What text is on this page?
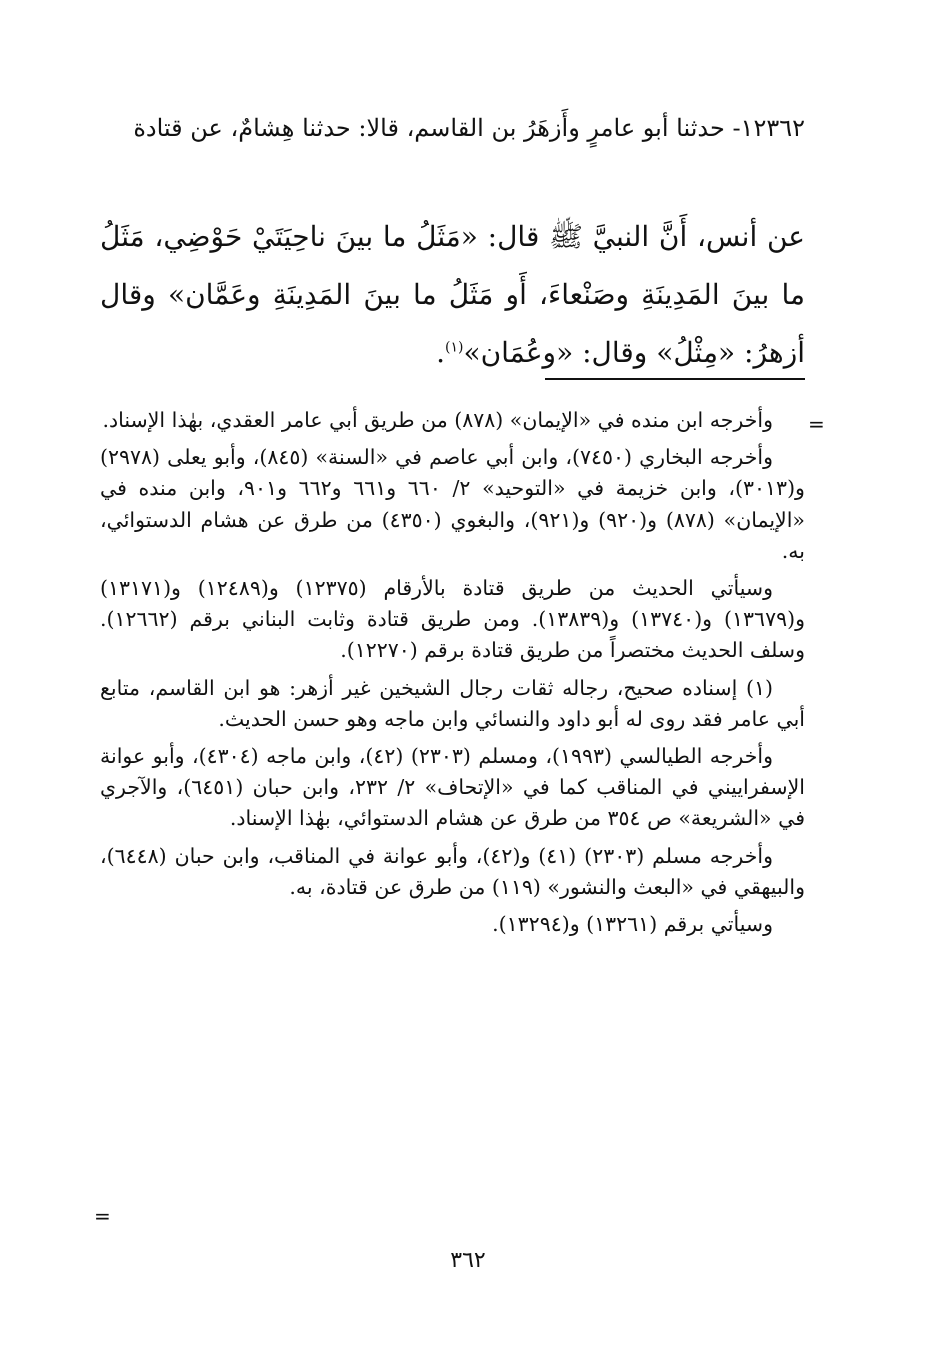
١٢٣٦٢- حدثنا أبو عامرٍ وأَزهَرُ بن القاسم، قالا: حدثنا هِشامٌ، عن قتادة
عن أنس، أَنَّ النبيَّ ﷺ قال: «مَثَلُ ما بينَ ناحِيَتَيْ حَوْضِي، مَثَلُ ما بينَ المَدِينَةِ وصَنْعاءَ، أَو مَثَلُ ما بينَ المَدِينَةِ وعَمَّان» وقال أزهرُ: «مِثْلُ» وقال: «وعُمَان»$^{(١)}$.
=

وأخرجه ابن منده في «الإيمان» (٨٧٨) من طريق أبي عامر العقدي، بهٰذا الإسناد.

وأخرجه البخاري (٧٤٥٠)، وابن أبي عاصم في «السنة» (٨٤٥)، وأبو يعلى (٢٩٧٨) و(٣٠١٣)، وابن خزيمة في «التوحيد» ٢/ ٦٦٠ و٦٦١ و٦٦٢ و٩٠١، وابن منده في «الإيمان» (٨٧٨) و(٩٢٠) و(٩٢١)، والبغوي (٤٣٥٠) من طرق عن هشام الدستوائي، به.

وسيأتي الحديث من طريق قتادة بالأرقام (١٢٣٧٥) و(١٢٤٨٩) و(١٣١٧١) و(١٣٦٧٩) و(١٣٧٤٠) و(١٣٨٣٩). ومن طريق قتادة وثابت البناني برقم (١٢٦٦٢). وسلف الحديث مختصراً من طريق قتادة برقم (١٢٢٧٠).

(١) إسناده صحيح، رجاله ثقات رجال الشيخين غير أزهر: هو ابن القاسم، متابع أبي عامر فقد روى له أبو داود والنسائي وابن ماجه وهو حسن الحديث.

وأخرجه الطيالسي (١٩٩٣)، ومسلم (٢٣٠٣) (٤٢)، وابن ماجه (٤٣٠٤)، وأبو عوانة الإسفراييني في المناقب كما في «الإتحاف» ٢/ ٢٣٢، وابن حبان (٦٤٥١)، والآجري في «الشريعة» ص ٣٥٤ من طرق عن هشام الدستوائي، بهٰذا الإسناد.

وأخرجه مسلم (٢٣٠٣) (٤١) و(٤٢)، وأبو عوانة في المناقب، وابن حبان (٦٤٤٨)، والبيهقي في «البعث والنشور» (١١٩) من طرق عن قتادة، به.

وسيأتي برقم (١٣٢٦١) و(١٣٢٩٤).

=
٣٦٢
